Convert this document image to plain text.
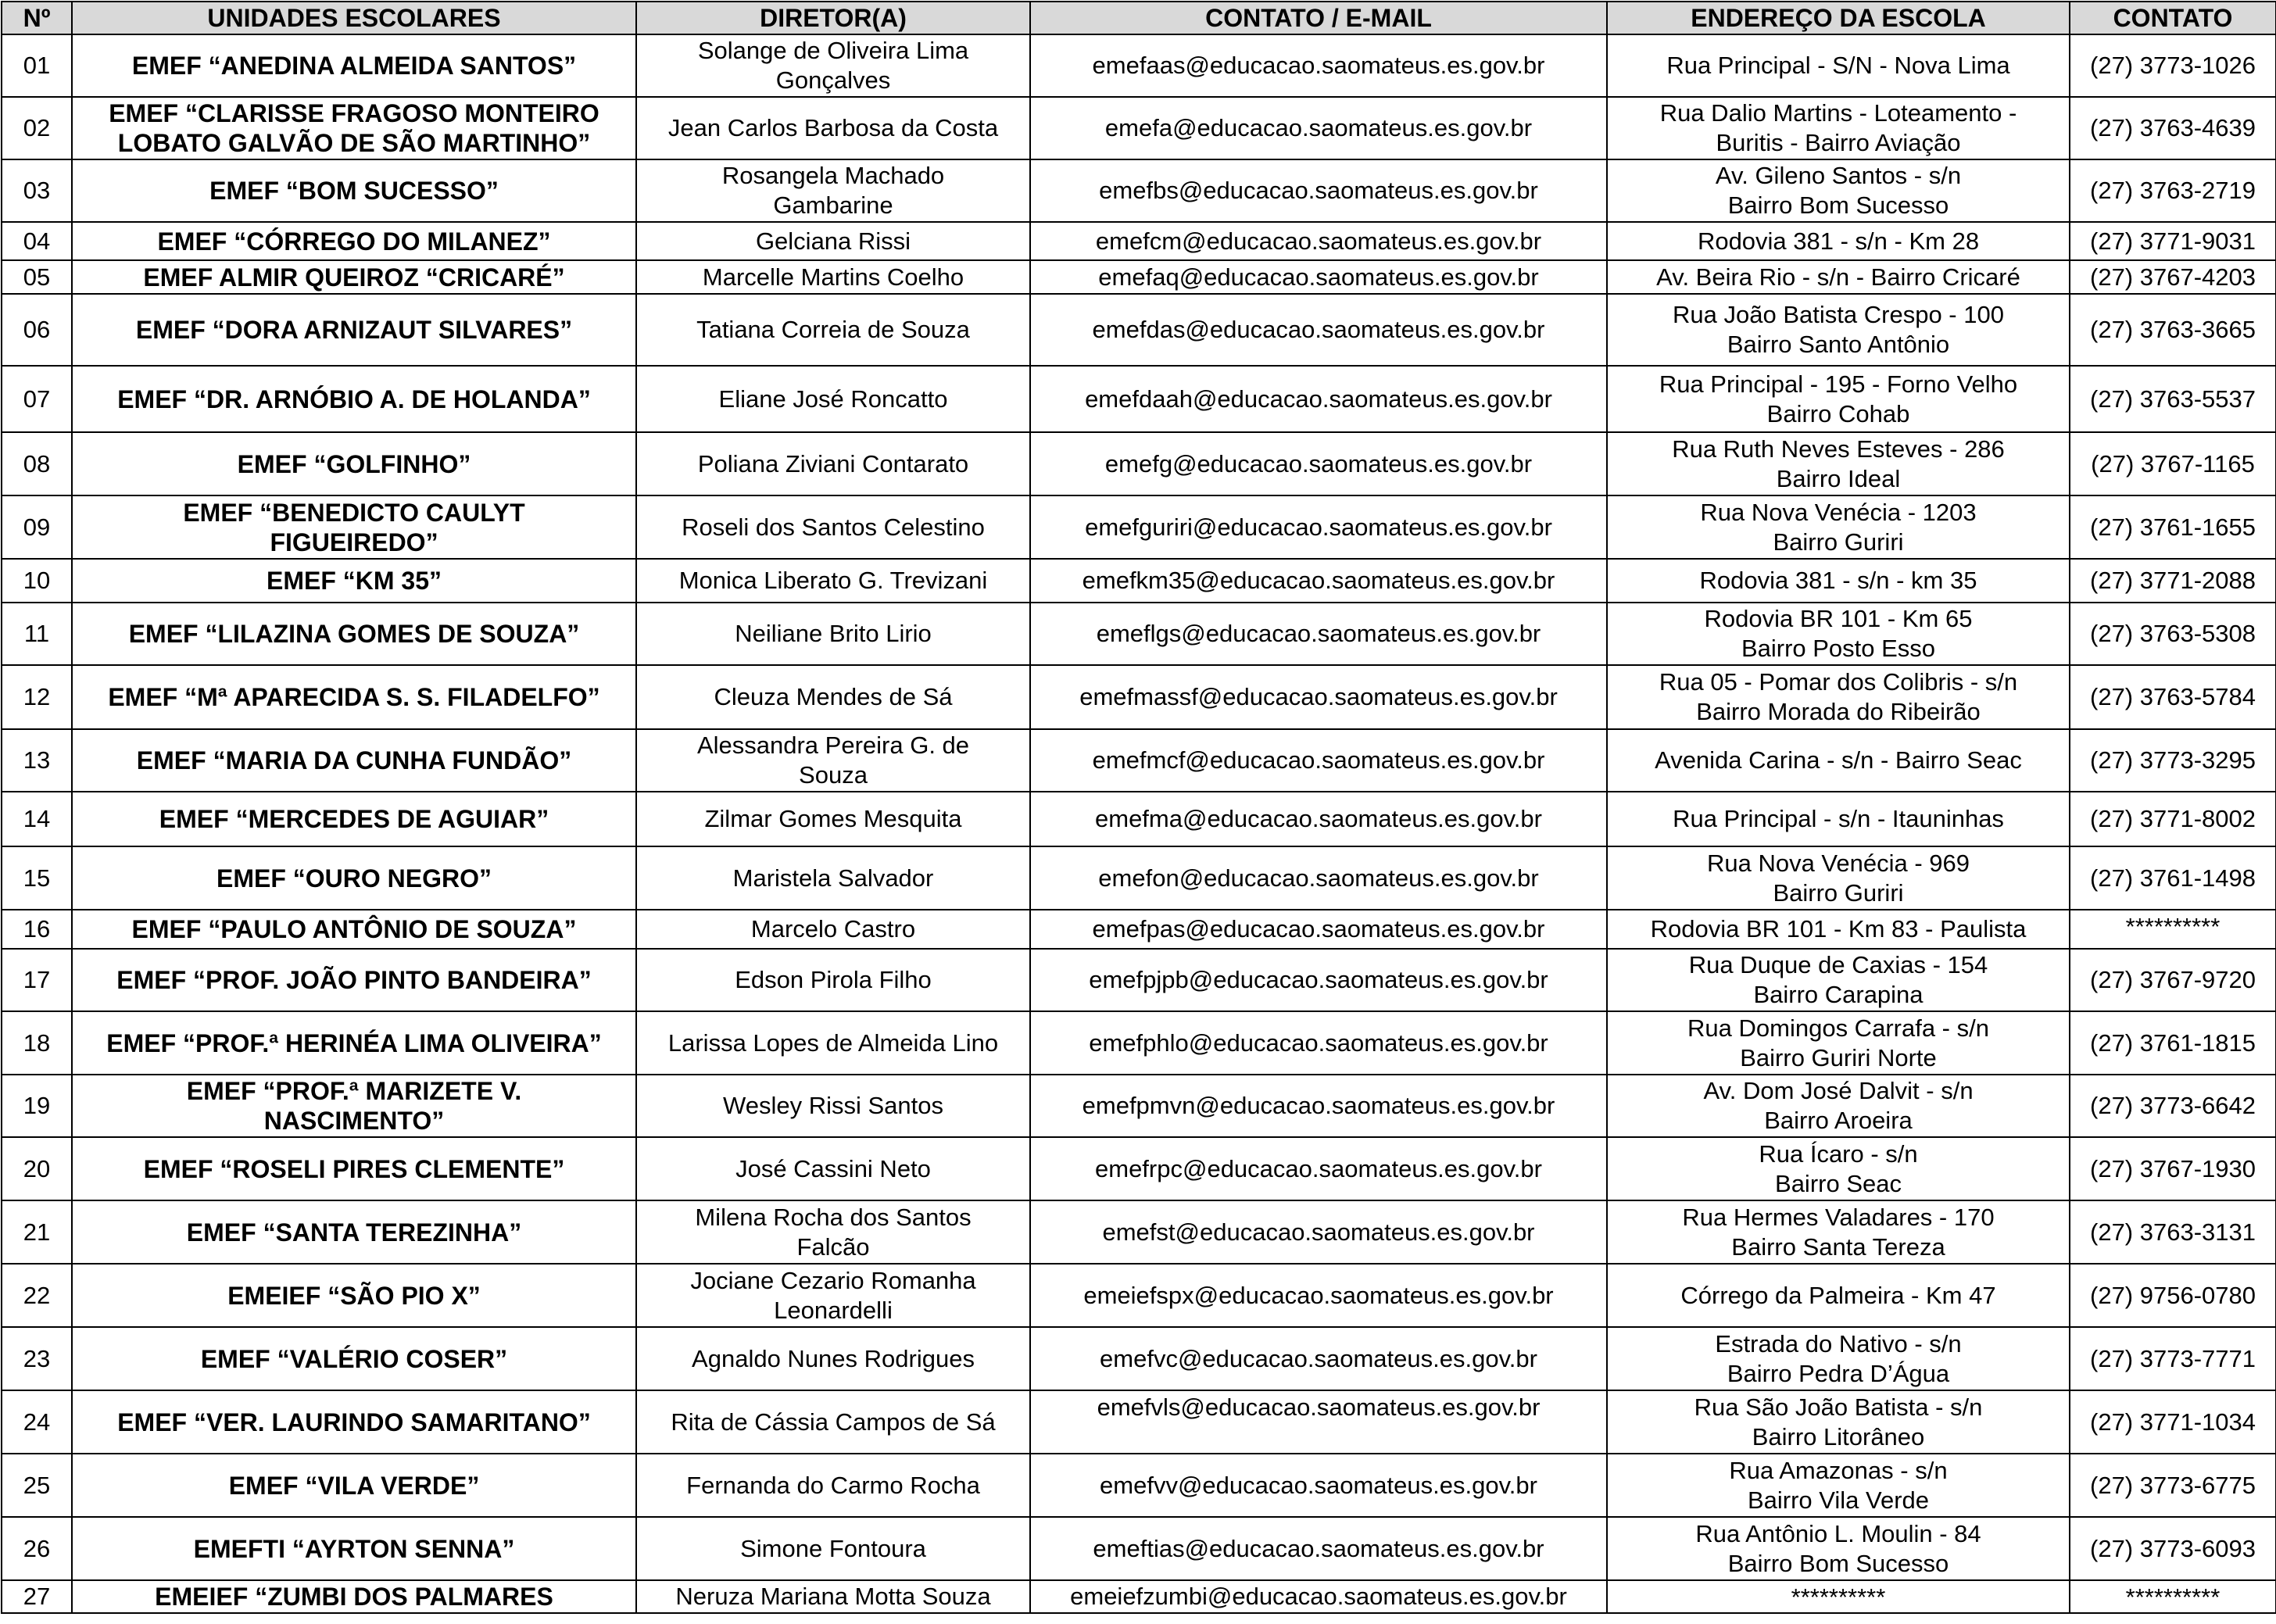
Nº	UNIDADES ESCOLARES	DIRETOR(A)	CONTATO / E-MAIL	ENDEREÇO DA ESCOLA	CONTATO
01	EMEF “ANEDINA ALMEIDA SANTOS”	Solange de Oliveira Lima
Gonçalves	emefaas@educacao.saomateus.es.gov.br	Rua Principal - S/N - Nova Lima	(27) 3773-1026
02	EMEF “CLARISSE FRAGOSO MONTEIRO
LOBATO GALVÃO DE SÃO MARTINHO”	Jean Carlos Barbosa da Costa	emefa@educacao.saomateus.es.gov.br	Rua Dalio Martins - Loteamento -
Buritis - Bairro Aviação	(27) 3763-4639
03	EMEF “BOM SUCESSO”	Rosangela Machado
Gambarine	emefbs@educacao.saomateus.es.gov.br	Av. Gileno Santos - s/n
Bairro Bom Sucesso	(27) 3763-2719
04	EMEF “CÓRREGO DO MILANEZ”	Gelciana Rissi	emefcm@educacao.saomateus.es.gov.br	Rodovia 381 - s/n - Km 28	(27) 3771-9031
05	EMEF ALMIR QUEIROZ “CRICARÉ”	Marcelle Martins Coelho	emefaq@educacao.saomateus.es.gov.br	Av. Beira Rio - s/n - Bairro Cricaré	(27) 3767-4203
06	EMEF “DORA ARNIZAUT SILVARES”	Tatiana Correia de Souza	emefdas@educacao.saomateus.es.gov.br	Rua João Batista Crespo - 100
Bairro Santo Antônio	(27) 3763-3665
07	EMEF “DR. ARNÓBIO A. DE HOLANDA”	Eliane José Roncatto	emefdaah@educacao.saomateus.es.gov.br	Rua Principal - 195 - Forno Velho
Bairro Cohab	(27) 3763-5537
08	EMEF “GOLFINHO”	Poliana Ziviani Contarato	emefg@educacao.saomateus.es.gov.br	Rua Ruth Neves Esteves - 286
Bairro Ideal	(27) 3767-1165
09	EMEF “BENEDICTO CAULYT
FIGUEIREDO”	Roseli dos Santos Celestino	emefguriri@educacao.saomateus.es.gov.br	Rua Nova Venécia - 1203
Bairro Guriri	(27) 3761-1655
10	EMEF “KM 35”	Monica Liberato G. Trevizani	emefkm35@educacao.saomateus.es.gov.br	Rodovia 381 - s/n - km 35	(27) 3771-2088
11	EMEF “LILAZINA GOMES DE SOUZA”	Neiliane Brito Lirio	emeflgs@educacao.saomateus.es.gov.br	Rodovia BR 101 - Km 65
Bairro Posto Esso	(27) 3763-5308
12	EMEF “Mª APARECIDA S. S. FILADELFO”	Cleuza Mendes de Sá	emefmassf@educacao.saomateus.es.gov.br	Rua 05 - Pomar dos Colibris - s/n
Bairro Morada do Ribeirão	(27) 3763-5784
13	EMEF “MARIA DA CUNHA FUNDÃO”	Alessandra Pereira G. de
Souza	emefmcf@educacao.saomateus.es.gov.br	Avenida Carina - s/n - Bairro Seac	(27) 3773-3295
14	EMEF “MERCEDES DE AGUIAR”	Zilmar Gomes Mesquita	emefma@educacao.saomateus.es.gov.br	Rua Principal - s/n - Itauninhas	(27) 3771-8002
15	EMEF “OURO NEGRO”	Maristela Salvador	emefon@educacao.saomateus.es.gov.br	Rua Nova Venécia - 969
Bairro Guriri	(27) 3761-1498
16	EMEF “PAULO ANTÔNIO DE SOUZA”	Marcelo Castro	emefpas@educacao.saomateus.es.gov.br	Rodovia BR 101 - Km 83 - Paulista	**********
17	EMEF “PROF. JOÃO PINTO BANDEIRA”	Edson Pirola Filho	emefpjpb@educacao.saomateus.es.gov.br	Rua Duque de Caxias - 154
Bairro Carapina	(27) 3767-9720
18	EMEF “PROF.ª HERINÉA LIMA OLIVEIRA”	Larissa Lopes de Almeida Lino	emefphlo@educacao.saomateus.es.gov.br	Rua Domingos Carrafa - s/n
Bairro Guriri Norte	(27) 3761-1815
19	EMEF “PROF.ª MARIZETE V.
NASCIMENTO”	Wesley Rissi Santos	emefpmvn@educacao.saomateus.es.gov.br	Av. Dom José Dalvit - s/n
Bairro Aroeira	(27) 3773-6642
20	EMEF “ROSELI PIRES CLEMENTE”	José Cassini Neto	emefrpc@educacao.saomateus.es.gov.br	Rua Ícaro - s/n
Bairro Seac	(27) 3767-1930
21	EMEF “SANTA TEREZINHA”	Milena Rocha dos Santos
Falcão	emefst@educacao.saomateus.es.gov.br	Rua Hermes Valadares - 170
Bairro Santa Tereza	(27) 3763-3131
22	EMEIEF “SÃO PIO X”	Jociane Cezario Romanha
Leonardelli	emeiefspx@educacao.saomateus.es.gov.br	Córrego da Palmeira - Km 47	(27) 9756-0780
23	EMEF “VALÉRIO COSER”	Agnaldo Nunes Rodrigues	emefvc@educacao.saomateus.es.gov.br	Estrada do Nativo - s/n
Bairro Pedra D’Água	(27) 3773-7771
24	EMEF “VER. LAURINDO SAMARITANO”	Rita de Cássia Campos de Sá	emefvls@educacao.saomateus.es.gov.br	Rua São João Batista - s/n
Bairro Litorâneo	(27) 3771-1034
25	EMEF “VILA VERDE”	Fernanda do Carmo Rocha	emefvv@educacao.saomateus.es.gov.br	Rua Amazonas - s/n
Bairro Vila Verde	(27) 3773-6775
26	EMEFTI “AYRTON SENNA”	Simone Fontoura	emeftias@educacao.saomateus.es.gov.br	Rua Antônio L. Moulin - 84
Bairro Bom Sucesso	(27) 3773-6093
27	EMEIEF “ZUMBI DOS PALMARES	Neruza Mariana Motta Souza	emeiefzumbi@educacao.saomateus.es.gov.br	**********	**********
